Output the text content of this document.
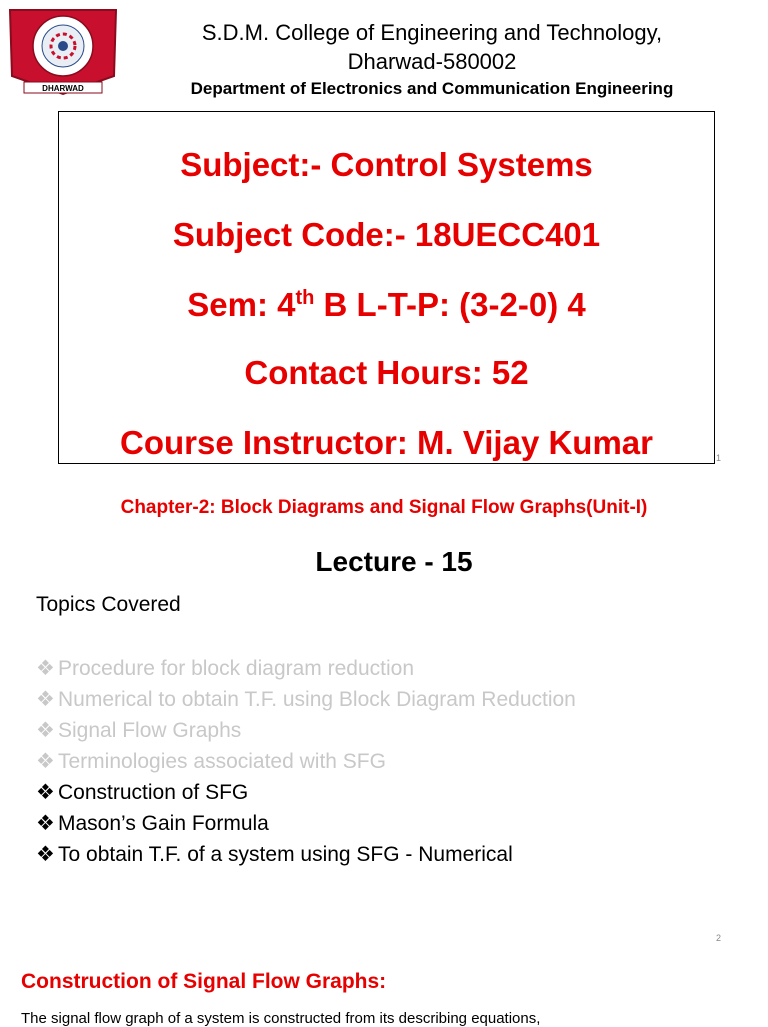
DHARWAD
S.D.M. College of Engineering and Technology,
Dharwad-580002
Department of Electronics and Communication Engineering
Subject:- Control Systems
Subject Code:- 18UECC401
Sem: 4th B L-T-P: (3-2-0) 4
Contact Hours: 52
Course Instructor: M. Vijay Kumar	1
Chapter-2: Block Diagrams and Signal Flow Graphs(Unit-I)
Lecture - 15
Topics Covered
❖ Procedure for block diagram reduction
❖ Numerical to obtain T.F. using Block Diagram Reduction
❖ Signal Flow Graphs
❖ Terminologies associated with SFG
❖ Construction of SFG
❖ Mason’s Gain Formula
❖ To obtain T.F. of a system using SFG - Numerical
2
Construction of Signal Flow Graphs:
The signal flow graph of a system is constructed from its describing equations,
